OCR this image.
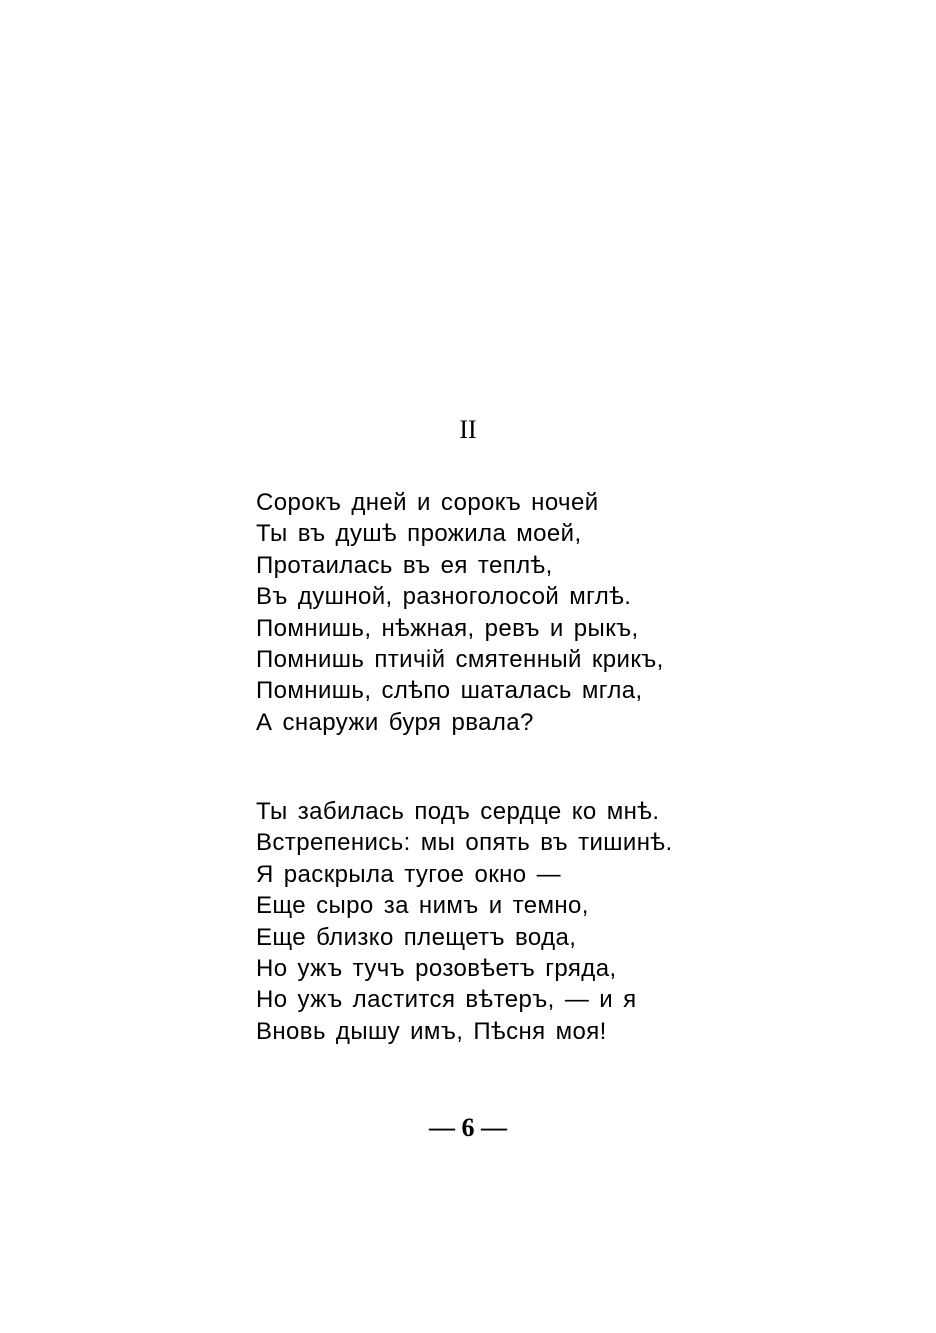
II
Сорокъ дней и сорокъ ночей
Ты въ душѣ прожила моей,
Протаилась въ ея теплѣ,
Въ душной, разноголосой мглѣ.
Помнишь, нѣжная, ревъ и рыкъ,
Помнишь птичій смятенный крикъ,
Помнишь, слѣпо шаталась мгла,
А снаружи буря рвала?
Ты забилась подъ сердце ко мнѣ.
Встрепенись: мы опять въ тишинѣ.
Я раскрыла тугое окно —
Еще сыро за нимъ и темно,
Еще близко плещетъ вода,
Но ужъ тучъ розовѣетъ гряда,
Но ужъ ластится вѣтеръ, — и я
Вновь дышу имъ, Пѣсня моя!
— 6 —
